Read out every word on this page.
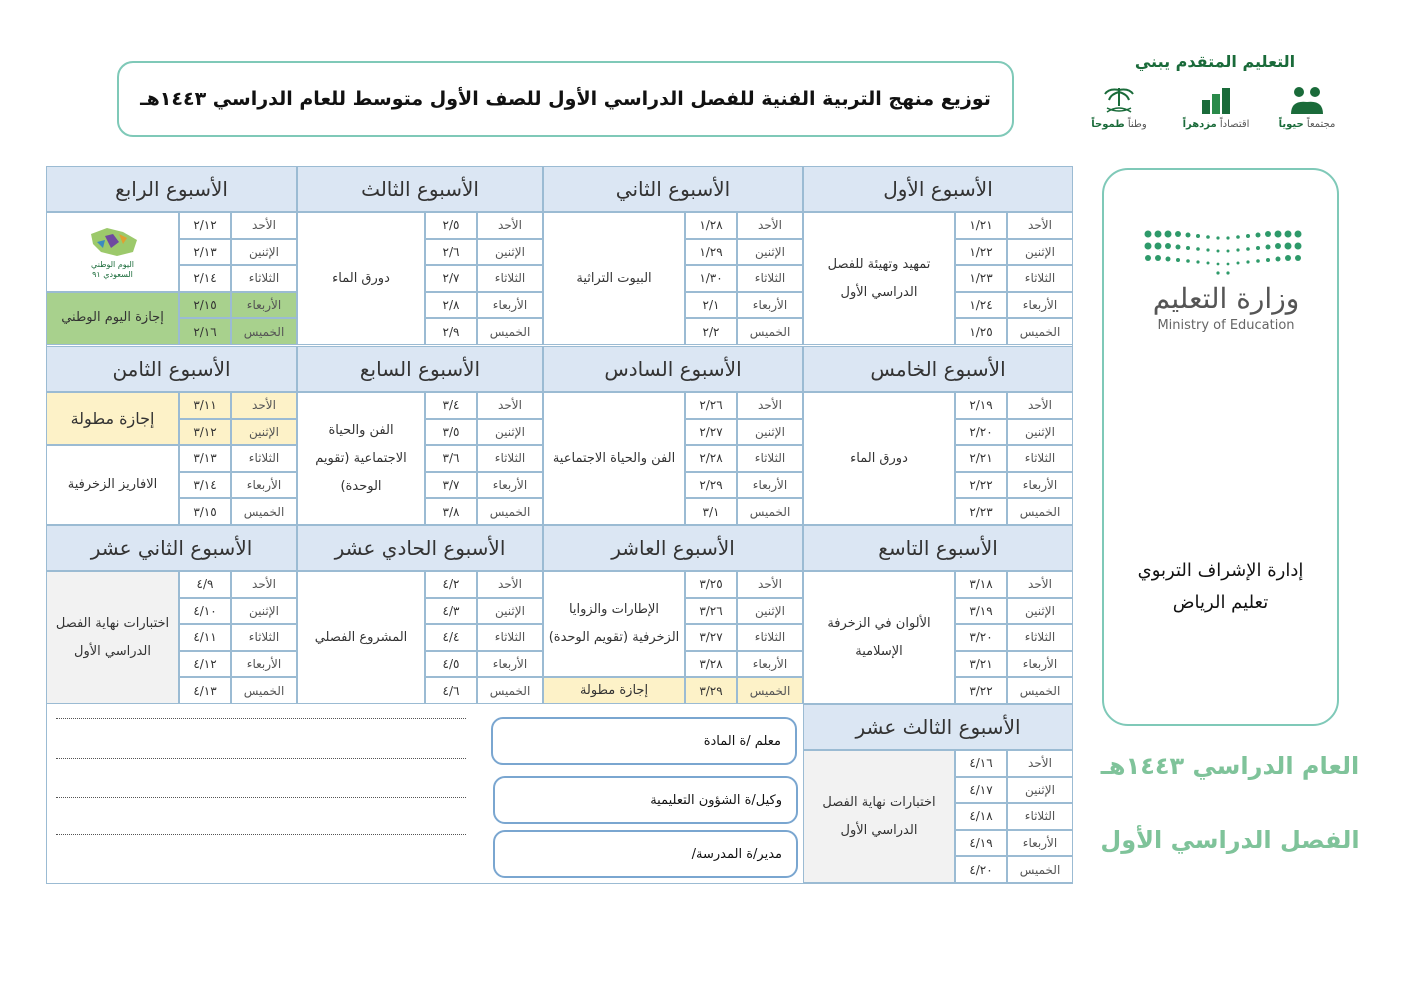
توزيع منهج التربية الفنية للفصل الدراسي الأول للصف الأول متوسط للعام الدراسي ١٤٤٣هـ
التعليم المتقدم يبني
مجتمعاً حيوياً
اقتصاداً مزدهراً
وطناً طموحاً
وزارة التعليم
Ministry of Education
إدارة الإشراف التربوي
تعليم الرياض
العام الدراسي ١٤٤٣هـ
الفصل الدراسي الأول
الأسبوع الأول
الأحد
١/٢١
الإثنين
١/٢٢
الثلاثاء
١/٢٣
الأربعاء
١/٢٤
الخميس
١/٢٥
تمهيد وتهيئة للفصل الدراسي الأول
الأسبوع الثاني
الأحد
١/٢٨
الإثنين
١/٢٩
الثلاثاء
١/٣٠
الأربعاء
٢/١
الخميس
٢/٢
البيوت التراثية
الأسبوع الثالث
الأحد
٢/٥
الإثنين
٢/٦
الثلاثاء
٢/٧
الأربعاء
٢/٨
الخميس
٢/٩
دورق الماء
الأسبوع الرابع
الأحد
٢/١٢
الإثنين
٢/١٣
الثلاثاء
٢/١٤
الأربعاء
٢/١٥
الخميس
٢/١٦
اليوم الوطني
السعودي ٩١
إجازة اليوم الوطني
الأسبوع الخامس
الأحد
٢/١٩
الإثنين
٢/٢٠
الثلاثاء
٢/٢١
الأربعاء
٢/٢٢
الخميس
٢/٢٣
دورق الماء
الأسبوع السادس
الأحد
٢/٢٦
الإثنين
٢/٢٧
الثلاثاء
٢/٢٨
الأربعاء
٢/٢٩
الخميس
٣/١
الفن والحياة الاجتماعية
الأسبوع السابع
الأحد
٣/٤
الإثنين
٣/٥
الثلاثاء
٣/٦
الأربعاء
٣/٧
الخميس
٣/٨
الفن والحياة الاجتماعية (تقويم الوحدة)
الأسبوع الثامن
الأحد
٣/١١
الإثنين
٣/١٢
الثلاثاء
٣/١٣
الأربعاء
٣/١٤
الخميس
٣/١٥
إجازة مطولة
الافاريز الزخرفية
الأسبوع التاسع
الأحد
٣/١٨
الإثنين
٣/١٩
الثلاثاء
٣/٢٠
الأربعاء
٣/٢١
الخميس
٣/٢٢
الألوان في الزخرفة الإسلامية
الأسبوع العاشر
الأحد
٣/٢٥
الإثنين
٣/٢٦
الثلاثاء
٣/٢٧
الأربعاء
٣/٢٨
الخميس
٣/٢٩
الإطارات والزوايا الزخرفية (تقويم الوحدة)
إجازة مطولة
الأسبوع الحادي عشر
الأحد
٤/٢
الإثنين
٤/٣
الثلاثاء
٤/٤
الأربعاء
٤/٥
الخميس
٤/٦
المشروع الفصلي
الأسبوع الثاني عشر
الأحد
٤/٩
الإثنين
٤/١٠
الثلاثاء
٤/١١
الأربعاء
٤/١٢
الخميس
٤/١٣
اختبارات نهاية الفصل الدراسي الأول
الأسبوع الثالث عشر
الأحد
٤/١٦
الإثنين
٤/١٧
الثلاثاء
٤/١٨
الأربعاء
٤/١٩
الخميس
٤/٢٠
اختبارات نهاية الفصل الدراسي الأول
معلم /ة المادة
وكيل/ة الشؤون التعليمية
مدير/ة المدرسة/
